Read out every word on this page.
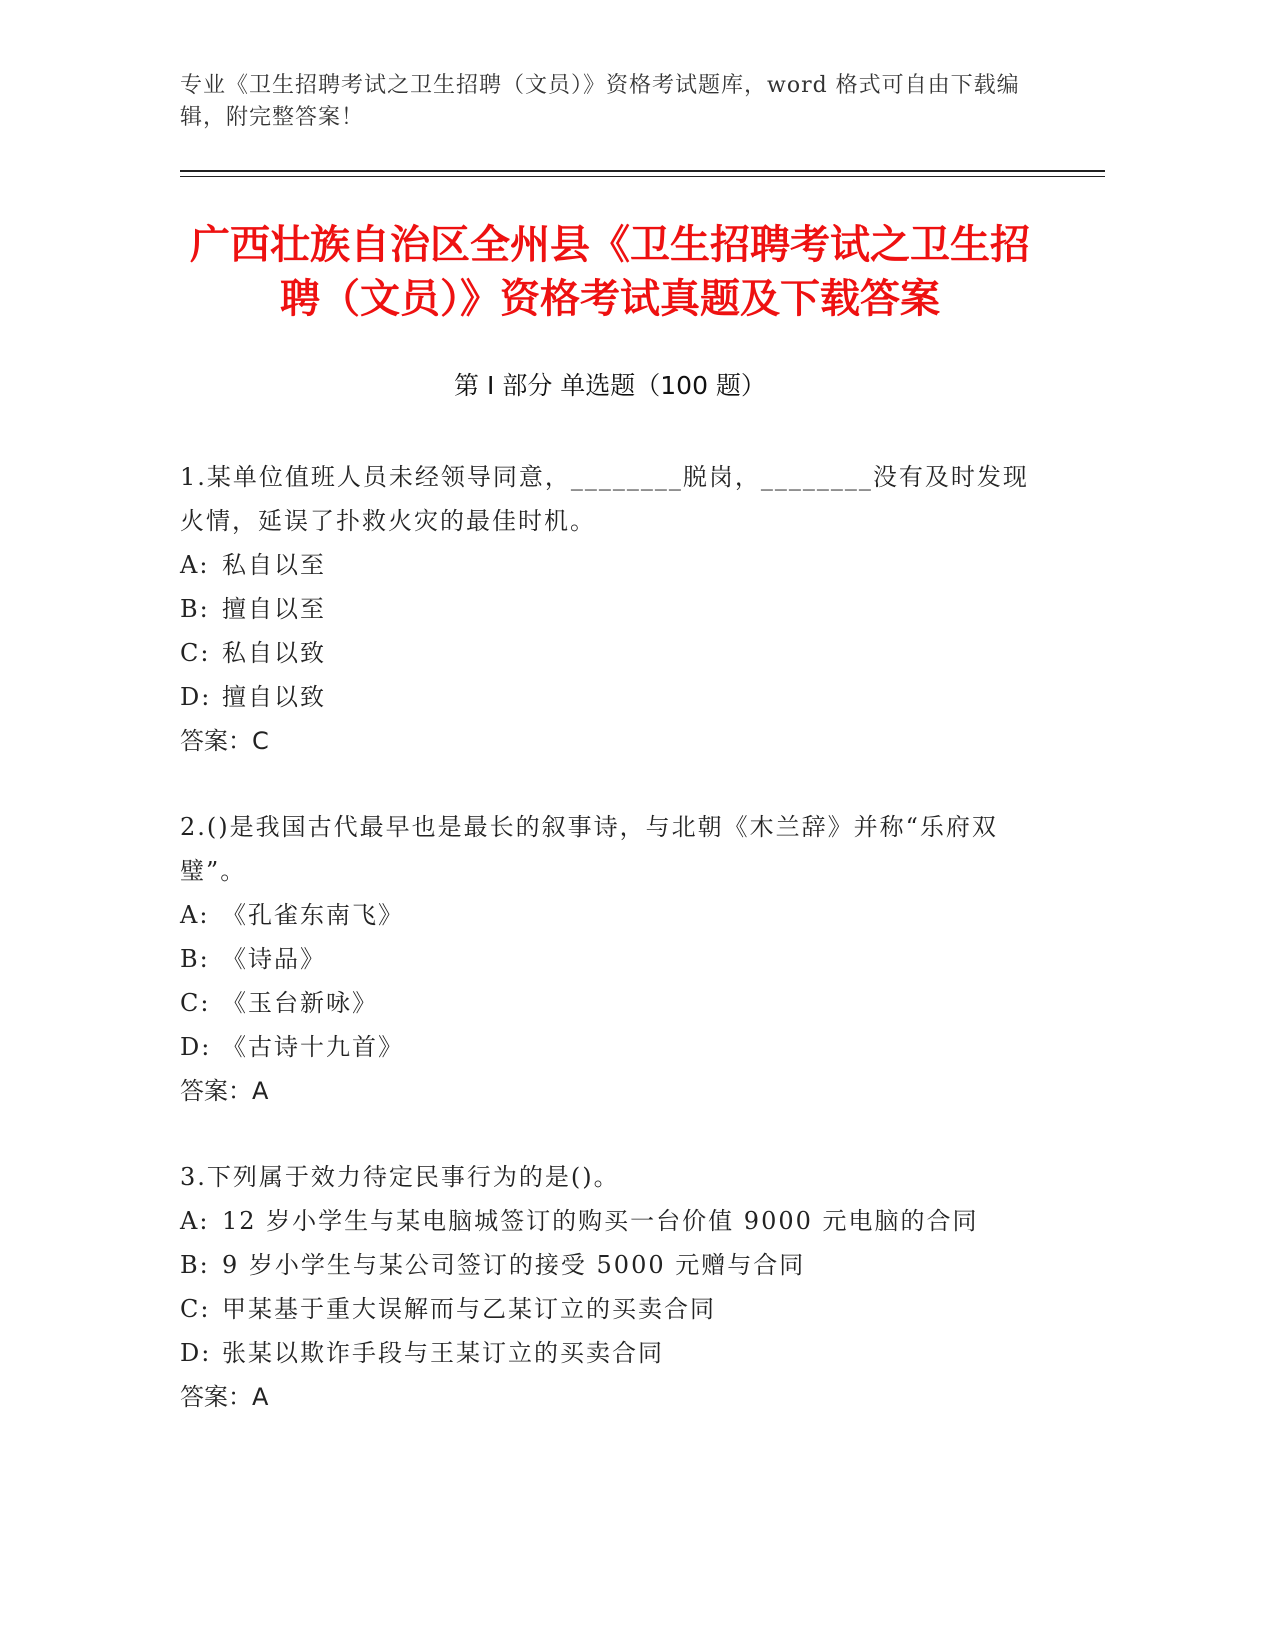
专业《卫生招聘考试之卫生招聘（文员）》资格考试题库，word 格式可自由下载编辑，附完整答案！
广西壮族自治区全州县《卫生招聘考试之卫生招聘（文员）》资格考试真题及下载答案
第 I 部分 单选题（100 题）
1.某单位值班人员未经领导同意，________脱岗，________没有及时发现火情，延误了扑救火灾的最佳时机。
A: 私自以至
B: 擅自以至
C: 私自以致
D: 擅自以致
答案：C
2.()是我国古代最早也是最长的叙事诗，与北朝《木兰辞》并称“乐府双璧”。
A: 《孔雀东南飞》
B: 《诗品》
C: 《玉台新咏》
D: 《古诗十九首》
答案：A
3.下列属于效力待定民事行为的是()。
A: 12 岁小学生与某电脑城签订的购买一台价值 9000 元电脑的合同
B: 9 岁小学生与某公司签订的接受 5000 元赠与合同
C: 甲某基于重大误解而与乙某订立的买卖合同
D: 张某以欺诈手段与王某订立的买卖合同
答案：A
